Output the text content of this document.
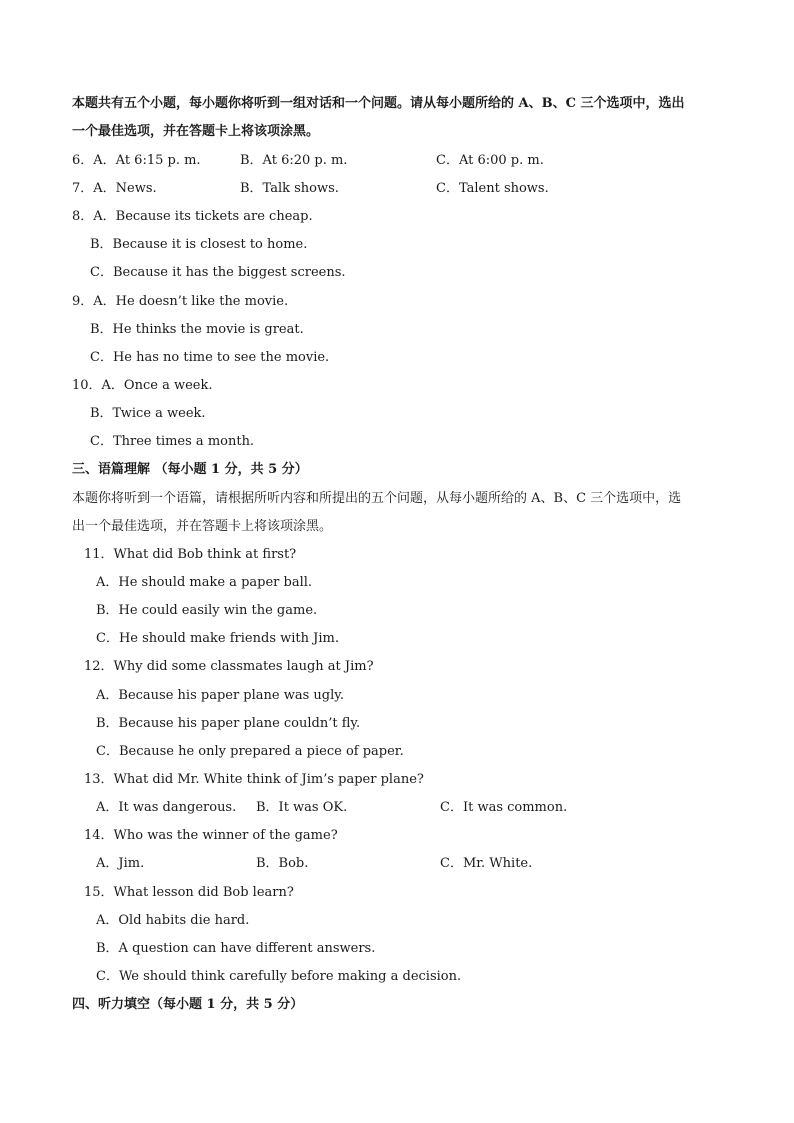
本题共有五个小题，每小题你将听到一组对话和一个问题。请从每小题所给的 A、B、C 三个选项中，选出
一个最佳选项，并在答题卡上将该项涂黑。
6．A．At 6:15 p. m.	B．At 6:20 p. m.	C．At 6:00 p. m.
7．A．News.	B．Talk shows.	C．Talent shows.
8．A．Because its tickets are cheap.
B．Because it is closest to home.
C．Because it has the biggest screens.
9．A．He doesn’t like the movie.
B．He thinks the movie is great.
C．He has no time to see the movie.
10．A．Once a week.
B．Twice a week.
C．Three times a month.
三、语篇理解 （每小题 1 分，共 5 分）
本题你将听到一个语篇，请根据所听内容和所提出的五个问题，从每小题所给的 A、B、C 三个选项中，选
出一个最佳选项，并在答题卡上将该项涂黑。
11．What did Bob think at first?
A．He should make a paper ball.
B．He could easily win the game.
C．He should make friends with Jim.
12．Why did some classmates laugh at Jim?
A．Because his paper plane was ugly.
B．Because his paper plane couldn’t fly.
C．Because he only prepared a piece of paper.
13．What did Mr. White think of Jim’s paper plane?
A．It was dangerous. B．It was OK.	C．It was common.
14．Who was the winner of the game?
A．Jim.	B．Bob.	C．Mr. White.
15．What lesson did Bob learn?
A．Old habits die hard.
B．A question can have different answers.
C．We should think carefully before making a decision.
四、听力填空（每小题 1 分，共 5 分）
